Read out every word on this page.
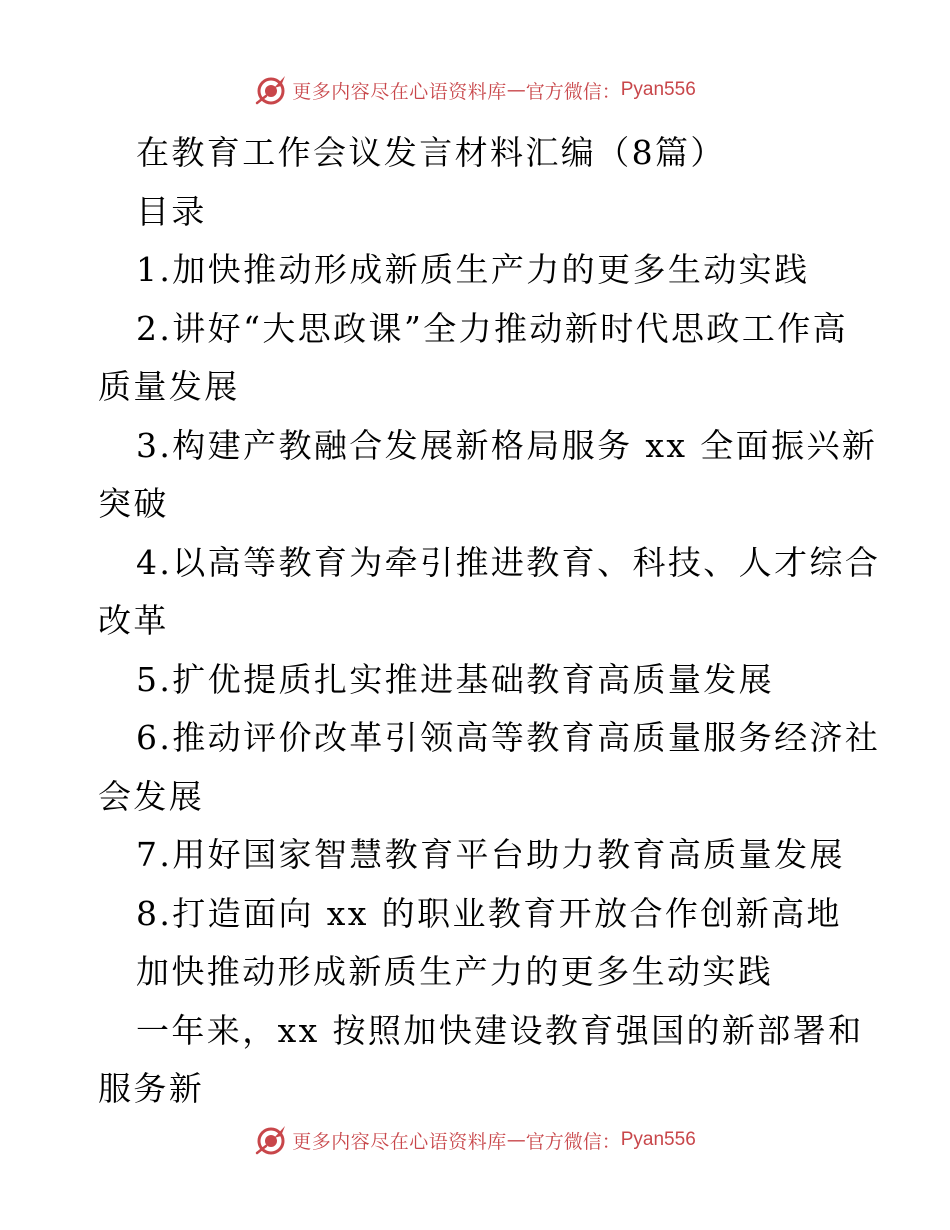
更多内容尽在心语资料库 — 官方微信： Pyan556
在教育工作会议发言材料汇编（8篇）
目录
1.加快推动形成新质生产力的更多生动实践
2.讲好“大思政课”全力推动新时代思政工作高
质量发展
3.构建产教融合发展新格局服务 xx 全面振兴新
突破
4.以高等教育为牵引推进教育、科技、人才综合
改革
5.扩优提质扎实推进基础教育高质量发展
6.推动评价改革引领高等教育高质量服务经济社
会发展
7.用好国家智慧教育平台助力教育高质量发展
8.打造面向 xx 的职业教育开放合作创新高地
加快推动形成新质生产力的更多生动实践
一年来，xx 按照加快建设教育强国的新部署和
服务新
更多内容尽在心语资料库 — 官方微信： Pyan556
